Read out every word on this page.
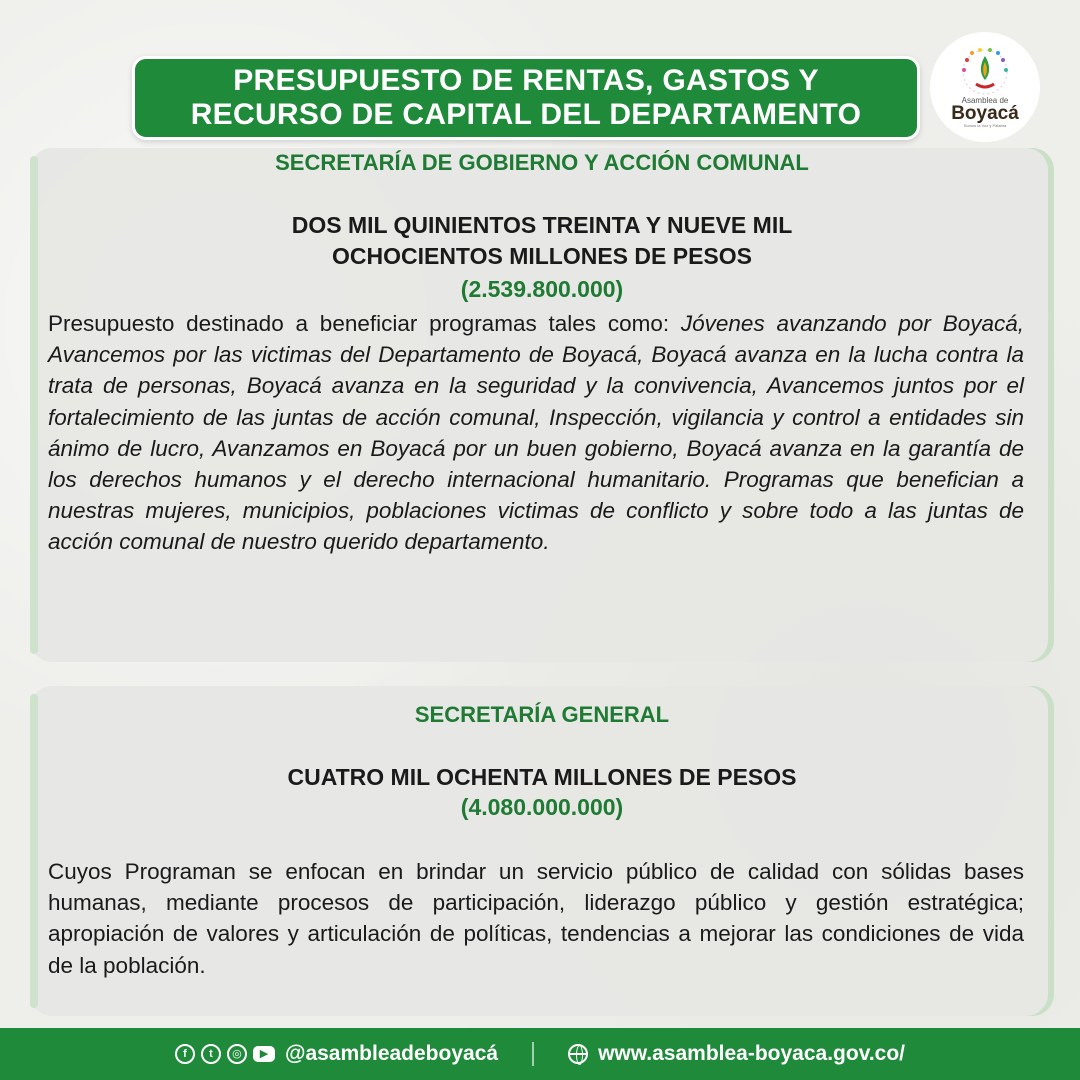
PRESUPUESTO DE RENTAS, GASTOS Y
RECURSO DE CAPITAL DEL DEPARTAMENTO	Asamblea de
Boyacá
Somos la Voz y Palabra
SECRETARÍA DE GOBIERNO Y ACCIÓN COMUNAL
DOS MIL QUINIENTOS TREINTA Y NUEVE MIL
OCHOCIENTOS MILLONES DE PESOS
(2.539.800.000)
Presupuesto destinado a beneficiar programas tales como: Jóvenes avanzando por Boyacá, Avancemos por las victimas del Departamento de Boyacá, Boyacá avanza en la lucha contra la trata de personas, Boyacá avanza en la seguridad y la convivencia, Avancemos juntos por el fortalecimiento de las juntas de acción comunal, Inspección, vigilancia y control a entidades sin ánimo de lucro, Avanzamos en Boyacá por un buen gobierno, Boyacá avanza en la garantía de los derechos humanos y el derecho internacional humanitario. Programas que benefician a nuestras mujeres, municipios, poblaciones victimas de conflicto y sobre todo a las juntas de acción comunal de nuestro querido departamento.
SECRETARÍA GENERAL
CUATRO MIL OCHENTA MILLONES DE PESOS
(4.080.000.000)
Cuyos Programan se enfocan en brindar un servicio público de calidad con sólidas bases humanas, mediante procesos de participación, liderazgo público y gestión estratégica; apropiación de valores y articulación de políticas, tendencias a mejorar las condiciones de vida de la población.
f	t	◎	▶ @asambleadeboyacá	www.asamblea-boyaca.gov.co/
